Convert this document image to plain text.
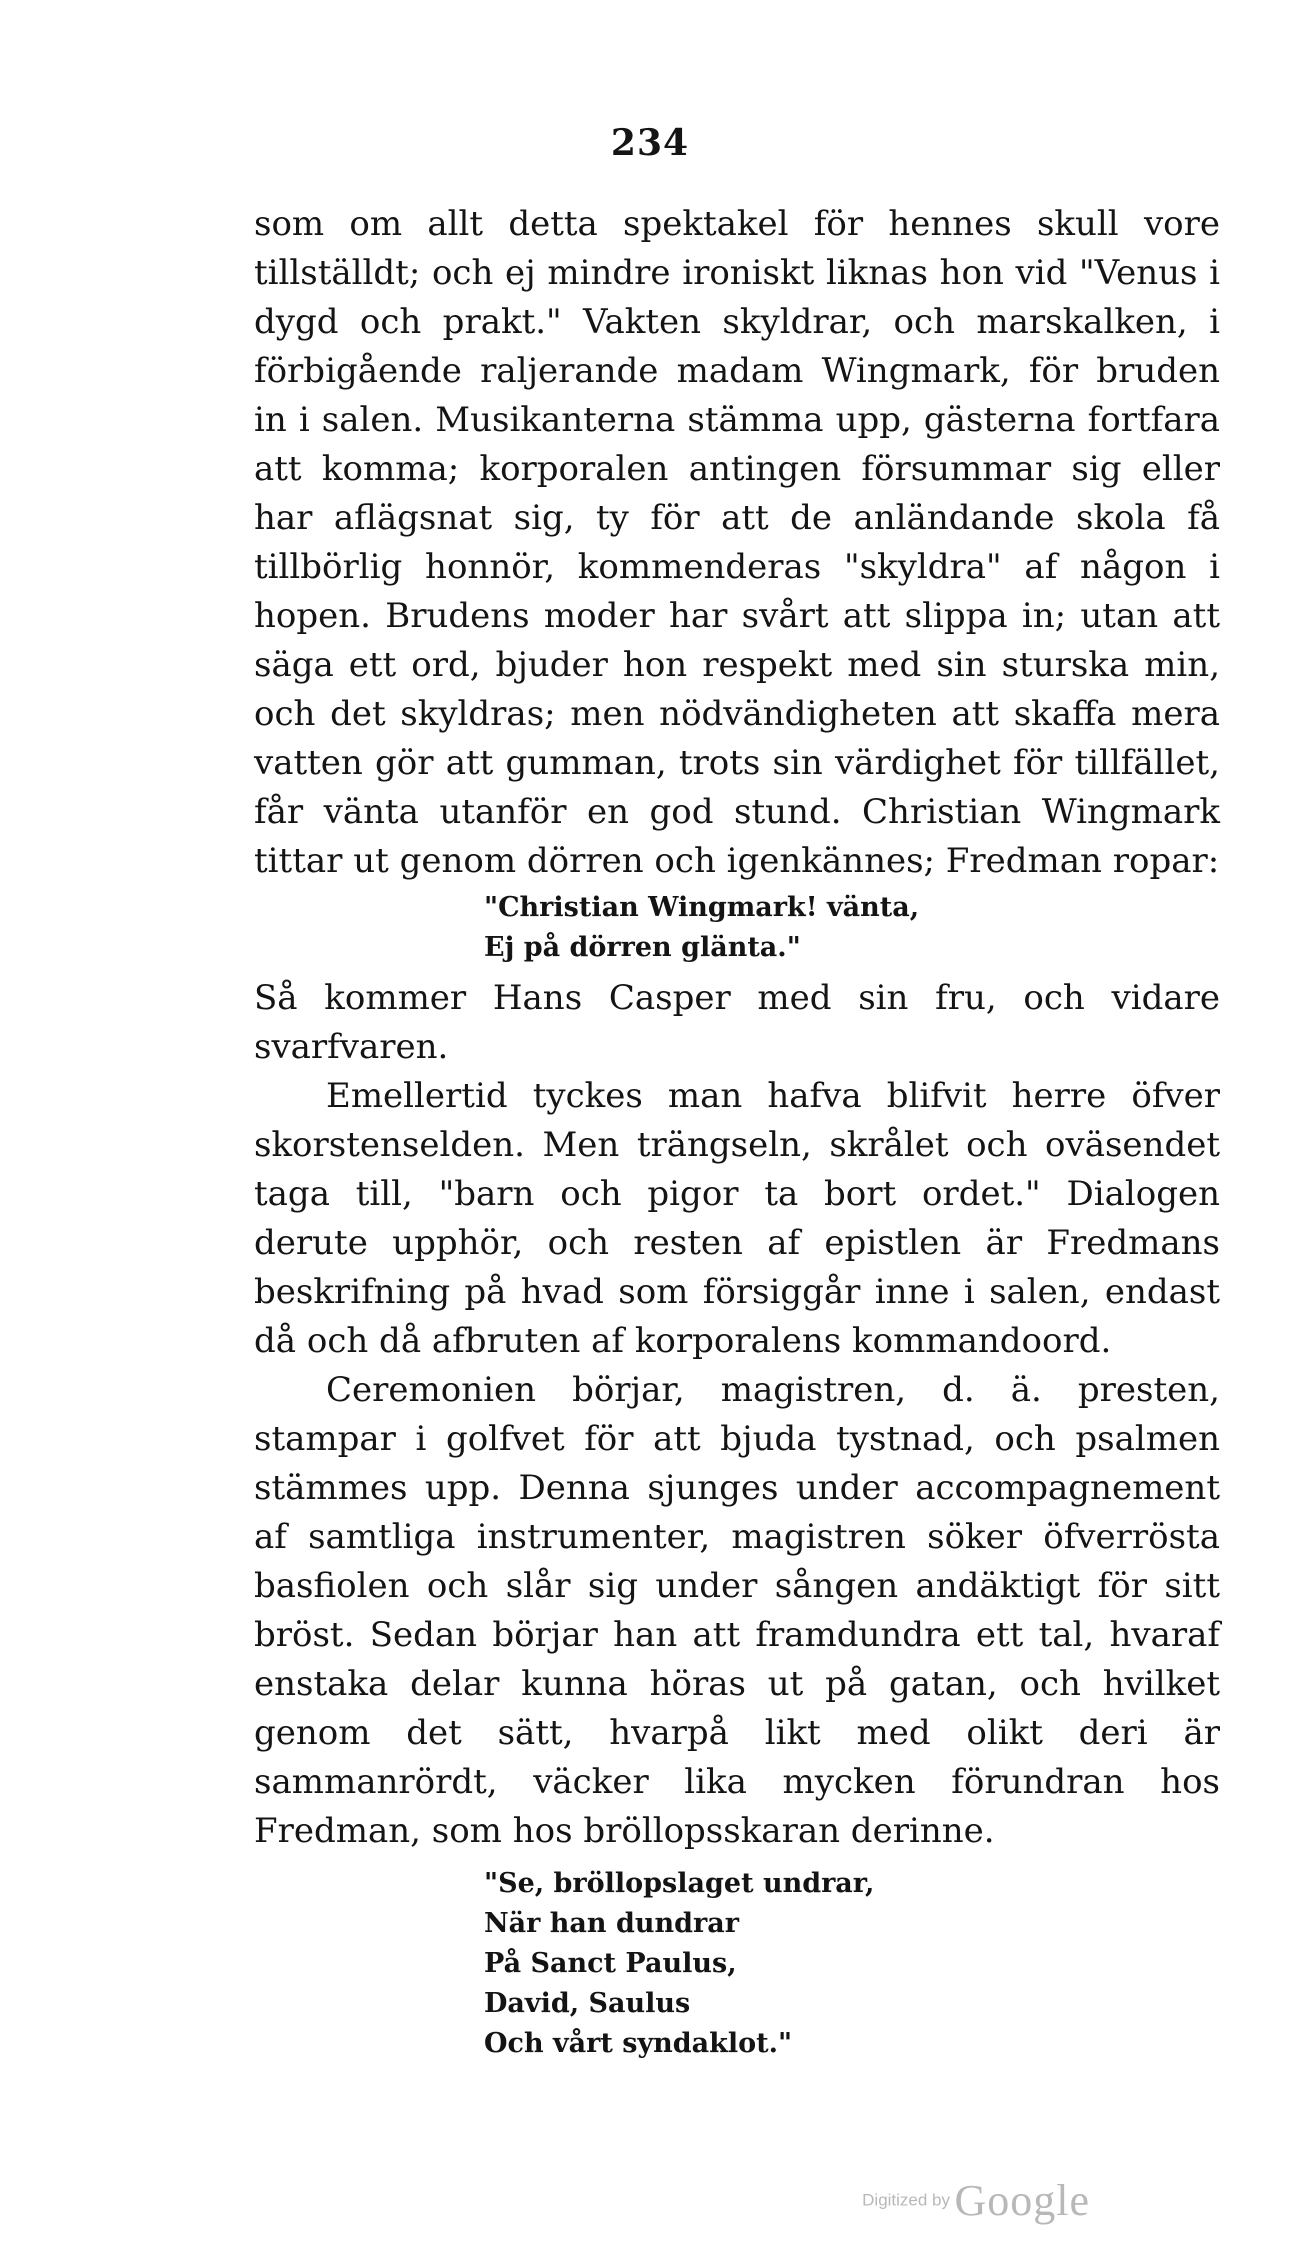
234

som om allt detta spektakel för hennes skull vore tillställdt; och ej mindre ironiskt liknas hon vid "Venus i dygd och prakt." Vakten skyldrar, och marskalken, i förbigående raljerande madam Wingmark, för bruden in i salen. Musikanterna stämma upp, gästerna fortfara att komma; korporalen antingen försummar sig eller har aflägsnat sig, ty för att de anländande skola få tillbörlig honnör, kommenderas "skyldra" af någon i hopen. Brudens moder har svårt att slippa in; utan att säga ett ord, bjuder hon respekt med sin sturska min, och det skyldras; men nödvändigheten att skaffa mera vatten gör att gumman, trots sin värdighet för tillfället, får vänta utanför en god stund. Christian Wingmark tittar ut genom dörren och igenkännes; Fredman ropar:

"Christian Wingmark! vänta,
Ej på dörren glänta."

Så kommer Hans Casper med sin fru, och vidare svarfvaren.

Emellertid tyckes man hafva blifvit herre öfver skorstenselden. Men trängseln, skrålet och oväsendet taga till, "barn och pigor ta bort ordet." Dialogen derute upphör, och resten af epistlen är Fredmans beskrifning på hvad som försiggår inne i salen, endast då och då afbruten af korporalens kommandoord.

Ceremonien börjar, magistren, d. ä. presten, stampar i golfvet för att bjuda tystnad, och psalmen stämmes upp. Denna sjunges under accompagnement af samtliga instrumenter, magistren söker öfverrösta basfiolen och slår sig under sången andäktigt för sitt bröst. Sedan börjar han att framdundra ett tal, hvaraf enstaka delar kunna höras ut på gatan, och hvilket genom det sätt, hvarpå likt med olikt deri är sammanrördt, väcker lika mycken förundran hos Fredman, som hos bröllopsskaran derinne.

"Se, bröllopslaget undrar,
När han dundrar
På Sanct Paulus,
David, Saulus
Och vårt syndaklot."
Digitized by Google
